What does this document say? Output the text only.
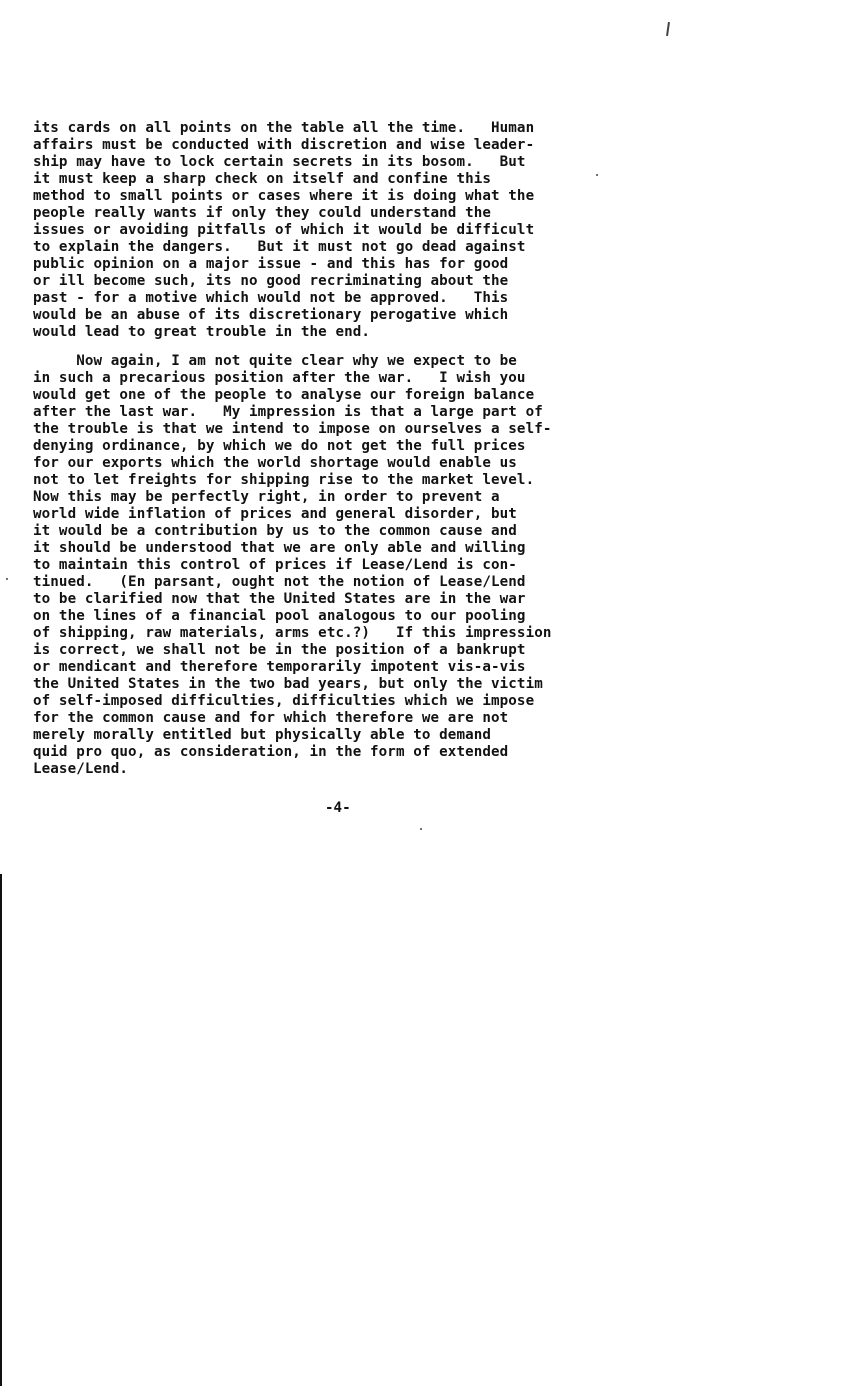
its cards on all points on the table all the time.   Human

affairs must be conducted with discretion and wise leader-

ship may have to lock certain secrets in its bosom.   But

it must keep a sharp check on itself and confine this

method to small points or cases where it is doing what the

people really wants if only they could understand the

issues or avoiding pitfalls of which it would be difficult

to explain the dangers.   But it must not go dead against

public opinion on a major issue - and this has for good

or ill become such, its no good recriminating about the

past - for a motive which would not be approved.   This

would be an abuse of its discretionary perogative which

would lead to great trouble in the end.

Now again, I am not quite clear why we expect to be

in such a precarious position after the war.   I wish you

would get one of the people to analyse our foreign balance

after the last war.   My impression is that a large part of

the trouble is that we intend to impose on ourselves a self-

denying ordinance, by which we do not get the full prices

for our exports which the world shortage would enable us

not to let freights for shipping rise to the market level.

Now this may be perfectly right, in order to prevent a

world wide inflation of prices and general disorder, but

it would be a contribution by us to the common cause and

it should be understood that we are only able and willing

to maintain this control of prices if Lease/Lend is con-

tinued.   (En parsant, ought not the notion of Lease/Lend

to be clarified now that the United States are in the war

on the lines of a financial pool analogous to our pooling

of shipping, raw materials, arms etc.?)   If this impression

is correct, we shall not be in the position of a bankrupt

or mendicant and therefore temporarily impotent vis-a-vis

the United States in the two bad years, but only the victim

of self-imposed difficulties, difficulties which we impose

for the common cause and for which therefore we are not

merely morally entitled but physically able to demand

quid pro quo, as consideration, in the form of extended

Lease/Lend.

-4-
